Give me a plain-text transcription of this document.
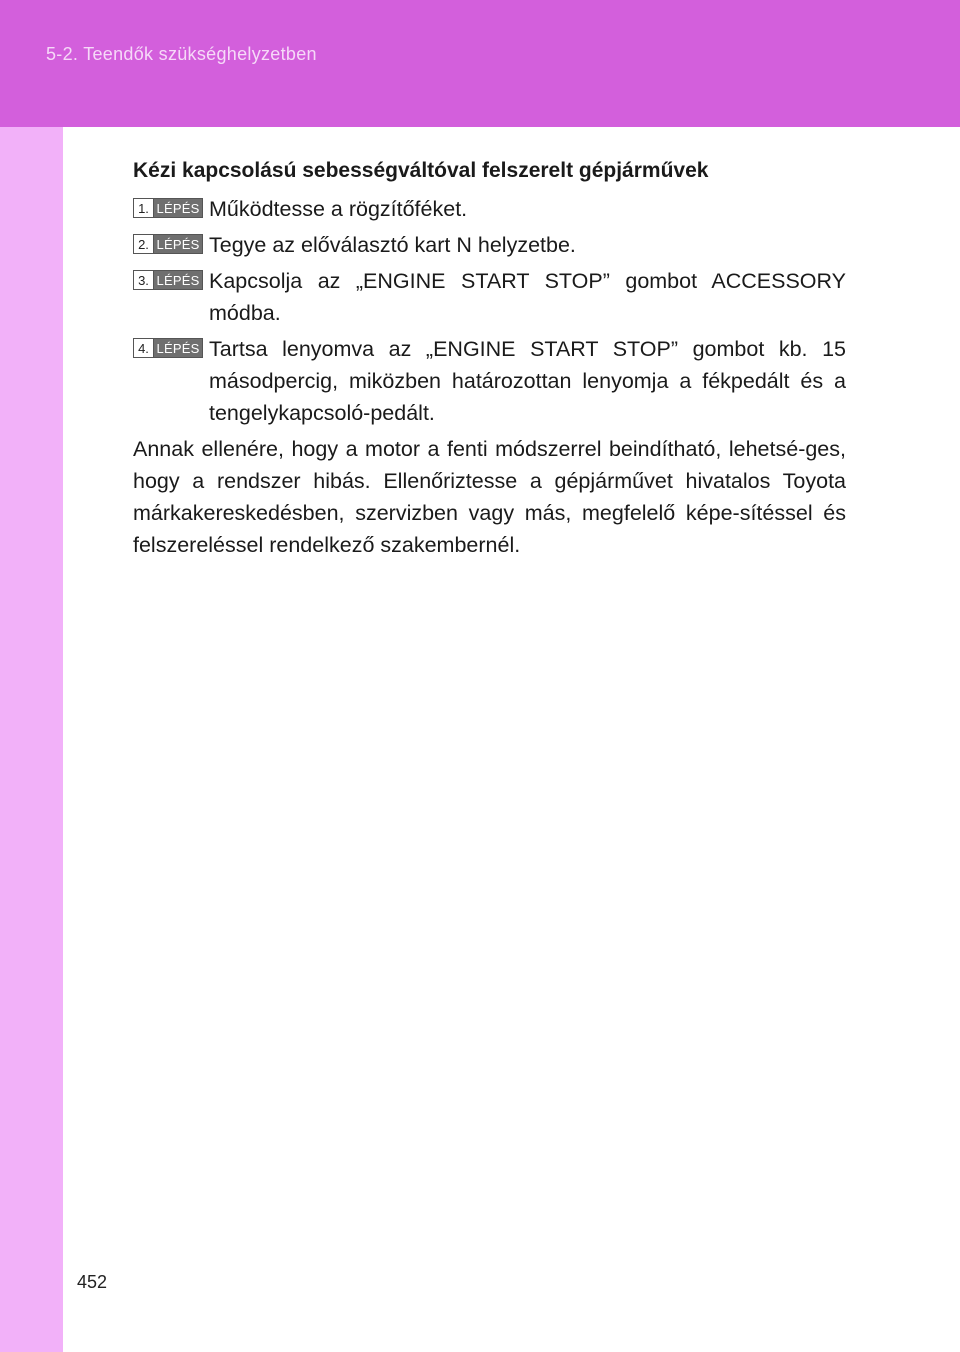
5-2. Teendők szükséghelyzetben
452
Kézi kapcsolású sebességváltóval felszerelt gépjárművek
1. LÉPÉS Működtesse a rögzítőféket.
2. LÉPÉS Tegye az előválasztó kart N helyzetbe.
3. LÉPÉS Kapcsolja az „ENGINE START STOP” gombot ACCESSORY módba.
4. LÉPÉS Tartsa lenyomva az „ENGINE START STOP” gombot kb. 15 másodpercig, miközben határozottan lenyomja a fékpedált és a tengelykapcsoló-pedált.
Annak ellenére, hogy a motor a fenti módszerrel beindítható, lehetsé-ges, hogy a rendszer hibás. Ellenőriztesse a gépjárművet hivatalos Toyota márkakereskedésben, szervizben vagy más, megfelelő képe-sítéssel és felszereléssel rendelkező szakembernél.
